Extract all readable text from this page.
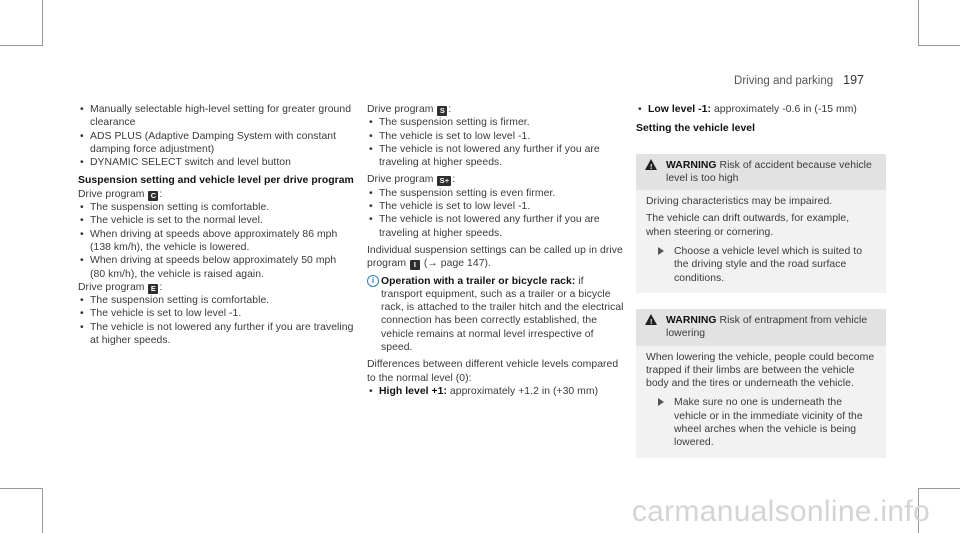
Driving and parking 197
• Manually selectable high-level setting for greater ground clearance
• ADS PLUS (Adaptive Damping System with constant damping force adjustment)
• DYNAMIC SELECT switch and level button

Suspension setting and vehicle level per drive program

Drive program C :

• The suspension setting is comfortable.
• The vehicle is set to the normal level.
• When driving at speeds above approximately 86 mph (138 km/h), the vehicle is lowered.
• When driving at speeds below approximately 50 mph (80 km/h), the vehicle is raised again.

Drive program E :

• The suspension setting is comfortable.
• The vehicle is set to low level -1.
• The vehicle is not lowered any further if you are traveling at higher speeds.

Drive program S :

• The suspension setting is firmer.
• The vehicle is set to low level -1.
• The vehicle is not lowered any further if you are traveling at higher speeds.

Drive program S+ :

• The suspension setting is even firmer.
• The vehicle is set to low level -1.
• The vehicle is not lowered any further if you are traveling at higher speeds.

Individual suspension settings can be called up in drive program I (→ page 147).

i Operation with a trailer or bicycle rack: if transport equipment, such as a trailer or a bicycle rack, is attached to the trailer hitch and the electrical connection has been correctly established, the vehicle remains at normal level irrespective of speed.

Differences between different vehicle levels compared to the normal level (0):

• High level +1: approximately +1.2 in (+30 mm)
• Low level -1: approximately -0.6 in (-15 mm)

Setting the vehicle level

! WARNING Risk of accident because vehicle level is too high

Driving characteristics may be impaired.

The vehicle can drift outwards, for example, when steering or cornering.

Choose a vehicle level which is suited to the driving style and the road surface conditions.
! WARNING Risk of entrapment from vehicle lowering

When lowering the vehicle, people could become trapped if their limbs are between the vehicle body and the tires or underneath the vehicle.

Make sure no one is underneath the vehicle or in the immediate vicinity of the wheel arches when the vehicle is being lowered.
carmanualsonline.info
